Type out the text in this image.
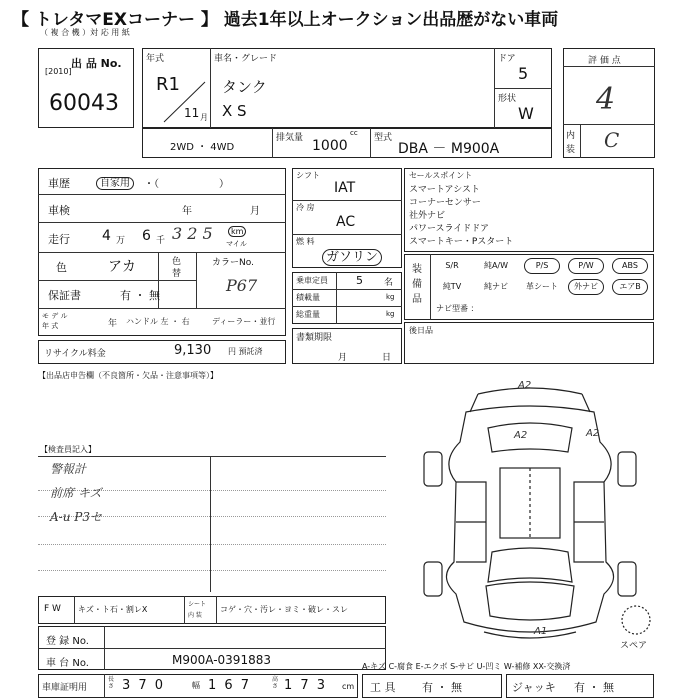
【 トレタマEXコーナー 】 過去1年以上オークション出品歴がない車両
（ 複 合 機 ）対 応 用 紙
出 品 No.
[2010]
60043
年式
R1
11 月
車名・グレード
タンク
X S
ドア
5
形状
W
評 価 点
4
内
装 C
2WD ・ 4WD
排気量	cc
1000	型式
DBA － M900A
車歴	自家用	・（　　　　　　）
車検	年	月
走行 4 万 6 千 3 2 5	km
マイル
色	アカ	色
替
カラーNo.
P67
保証書	有 ・ 無
モ デ ル
年 式	年 ハンドル 左 ・ 右	ディーラー・並行
リサイクル料金	9,130 円 預託済
シフト
IAT
冷 房
AC
燃 料
ガソリン
乗車定員	5 名
積載量	kg
総重量	kg
書類期限
月	日
セールスポイント
スマートアシスト
コーナーセンサー
社外ナビ
パワースライドドア
スマートキー・Pスタート
装 備 品
S/R	純A/W	P/S	P/W	ABS
純TV	純ナビ	革シート	外ナビ	エアB
ナビ型番 ：
後日品
【出品店申告欄（不良箇所・欠品・注意事項等）】
【検査員記入】
警報計
前席 キズ
A-u P3セ
F W キズ・ト石・割レX
シート
内 装
コゲ・穴・汚レ・ヨミ・破レ・スレ
登 録 No.
車 台 No.	M900A-0391883
車庫証明用
長さ 3 7 0	幅 1 6 7	高さ 1 7 3 cm 工 具 有 ・ 無	ジャッキ 有 ・ 無
A-キズ C-腐食 E-エクボ S-サビ U-凹ミ W-補修 XX-交換済
A2
A2	A2
A1
スペア
